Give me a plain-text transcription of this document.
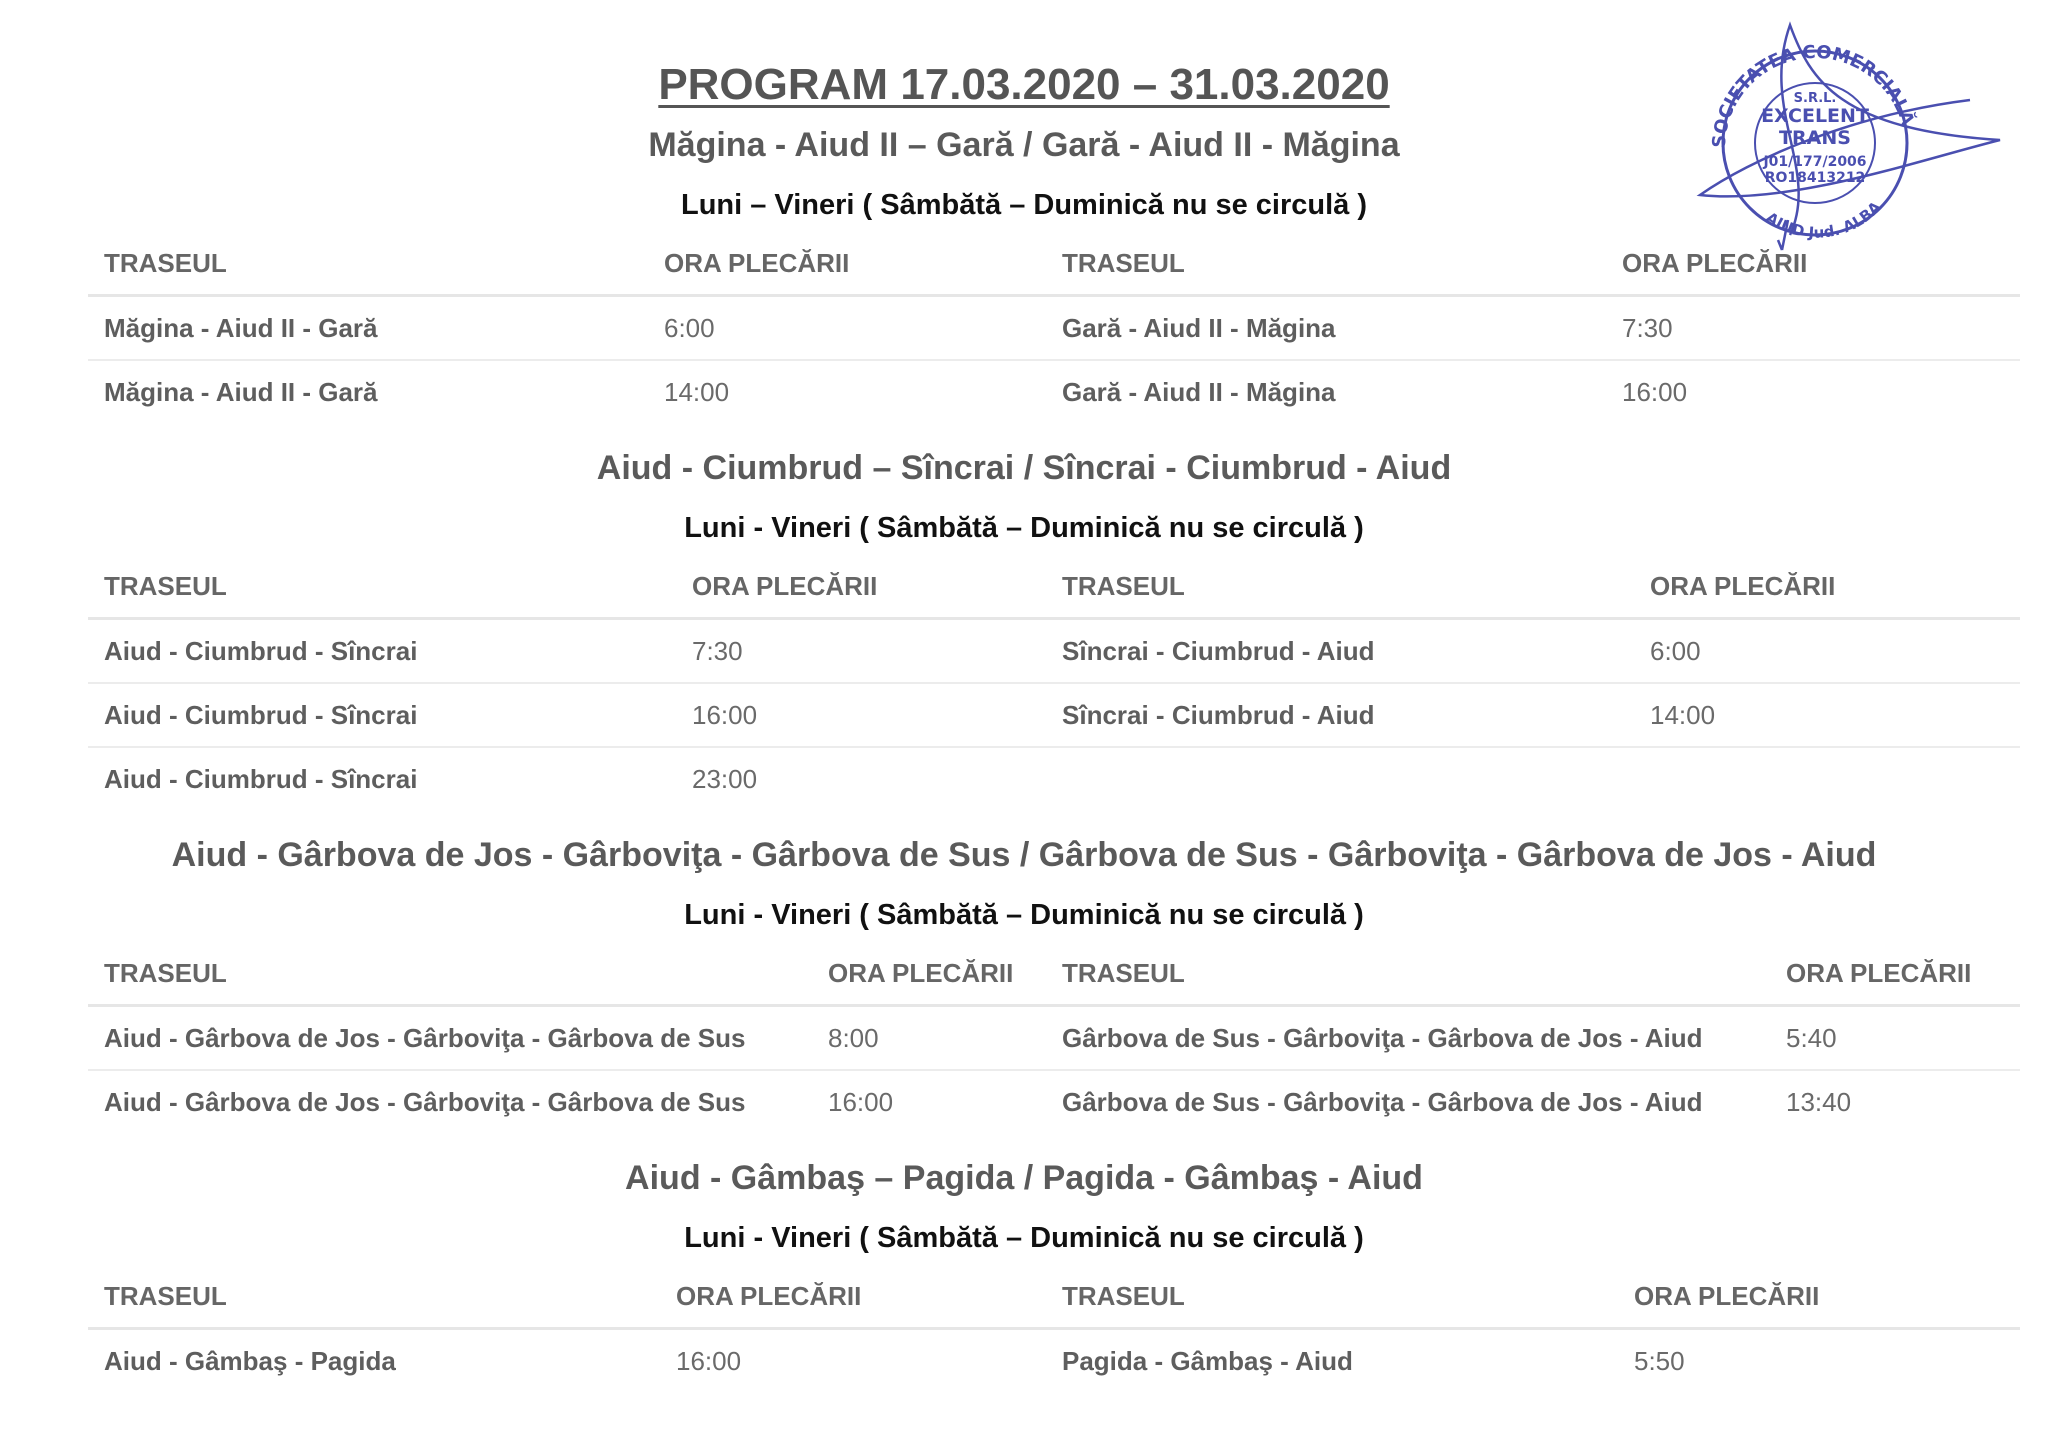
PROGRAM 17.03.2020 – 31.03.2020
SOCIETATEA COMERCIALĂ
AIUD Jud. ALBA
S.R.L.
EXCELENT
TRANS
J01/177/2006
RO18413212
Măgina - Aiud II – Gară / Gară - Aiud II - Măgina

Luni – Vineri ( Sâmbătă – Duminică nu se circulă )

TRASEUL	ORA PLECĂRII	TRASEUL	ORA PLECĂRII
Măgina - Aiud II - Gară	6:00	Gară - Aiud II - Măgina	7:30
Măgina - Aiud II - Gară	14:00	Gară - Aiud II - Măgina	16:00
Aiud - Ciumbrud – Sîncrai / Sîncrai - Ciumbrud - Aiud

Luni - Vineri ( Sâmbătă – Duminică nu se circulă )

TRASEUL	ORA PLECĂRII	TRASEUL	ORA PLECĂRII
Aiud - Ciumbrud - Sîncrai	7:30	Sîncrai - Ciumbrud - Aiud	6:00
Aiud - Ciumbrud - Sîncrai	16:00	Sîncrai - Ciumbrud - Aiud	14:00
Aiud - Ciumbrud - Sîncrai	23:00		
Aiud - Gârbova de Jos - Gârboviţa - Gârbova de Sus / Gârbova de Sus - Gârboviţa - Gârbova de Jos - Aiud

Luni - Vineri ( Sâmbătă – Duminică nu se circulă )

TRASEUL	ORA PLECĂRII	TRASEUL	ORA PLECĂRII
Aiud - Gârbova de Jos - Gârboviţa - Gârbova de Sus	8:00	Gârbova de Sus - Gârboviţa - Gârbova de Jos - Aiud	5:40
Aiud - Gârbova de Jos - Gârboviţa - Gârbova de Sus	16:00	Gârbova de Sus - Gârboviţa - Gârbova de Jos - Aiud	13:40
Aiud - Gâmbaş – Pagida / Pagida - Gâmbaş - Aiud

Luni - Vineri ( Sâmbătă – Duminică nu se circulă )

TRASEUL	ORA PLECĂRII	TRASEUL	ORA PLECĂRII
Aiud - Gâmbaş - Pagida	16:00	Pagida - Gâmbaş - Aiud	5:50
